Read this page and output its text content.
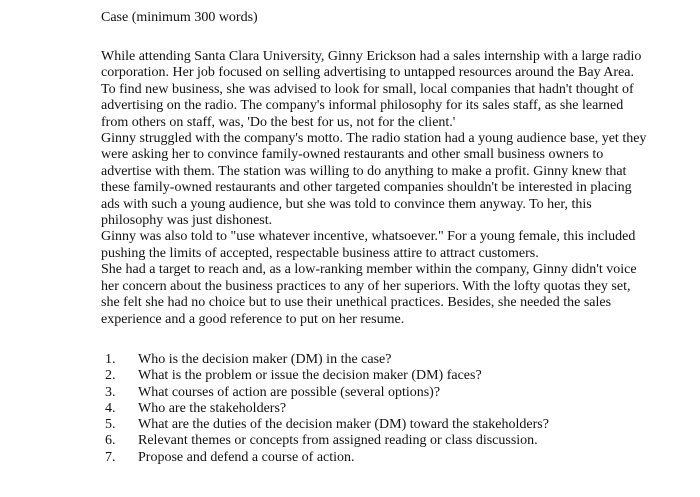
Case (minimum 300 words)
While attending Santa Clara University, Ginny Erickson had a sales internship with a large radio
corporation. Her job focused on selling advertising to untapped resources around the Bay Area.
To find new business, she was advised to look for small, local companies that hadn't thought of
advertising on the radio. The company's informal philosophy for its sales staff, as she learned
from others on staff, was, 'Do the best for us, not for the client.'
Ginny struggled with the company's motto. The radio station had a young audience base, yet they
were asking her to convince family-owned restaurants and other small business owners to
advertise with them. The station was willing to do anything to make a profit. Ginny knew that
these family-owned restaurants and other targeted companies shouldn't be interested in placing
ads with such a young audience, but she was told to convince them anyway. To her, this
philosophy was just dishonest.
Ginny was also told to "use whatever incentive, whatsoever." For a young female, this included
pushing the limits of accepted, respectable business attire to attract customers.
She had a target to reach and, as a low-ranking member within the company, Ginny didn't voice
her concern about the business practices to any of her superiors. With the lofty quotas they set,
she felt she had no choice but to use their unethical practices. Besides, she needed the sales
experience and a good reference to put on her resume.
1.	Who is the decision maker (DM) in the case?
2.	What is the problem or issue the decision maker (DM) faces?
3.	What courses of action are possible (several options)?
4.	Who are the stakeholders?
5.	What are the duties of the decision maker (DM) toward the stakeholders?
6.	Relevant themes or concepts from assigned reading or class discussion.
7.	Propose and defend a course of action.
